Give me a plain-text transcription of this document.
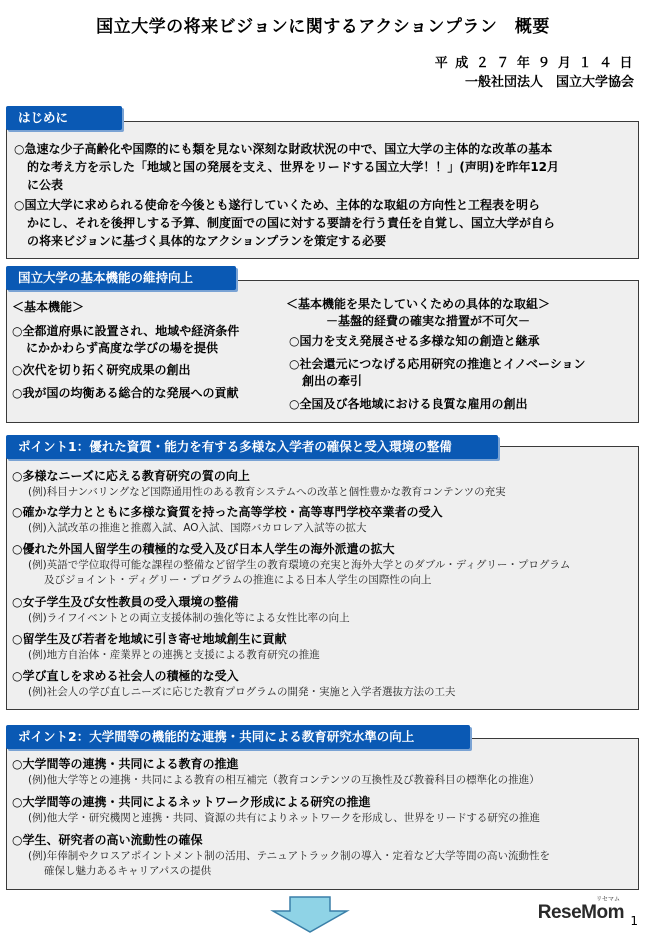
国立大学の将来ビジョンに関するアクションプラン　概要
平 成 ２ ７ 年 ９ 月 １ ４ 日
一般社団法人　国立大学協会
はじめに
○急速な少子高齢化や国際的にも類を見ない深刻な財政状況の中で、国立大学の主体的な改革の基本
的な考え方を示した「地域と国の発展を支え、世界をリードする国立大学！！」(声明)を昨年12月
に公表
○国立大学に求められる使命を今後とも遂行していくため、主体的な取組の方向性と工程表を明ら
かにし、それを後押しする予算、制度面での国に対する要請を行う責任を自覚し、国立大学が自ら
の将来ビジョンに基づく具体的なアクションプランを策定する必要
国立大学の基本機能の維持向上
＜基本機能＞
○全都道府県に設置され、地域や経済条件
にかかわらず高度な学びの場を提供
○次代を切り拓く研究成果の創出
○我が国の均衡ある総合的な発展への貢献
＜基本機能を果たしていくための具体的な取組＞
－基盤的経費の確実な措置が不可欠－
○国力を支え発展させる多様な知の創造と継承
○社会還元につなげる応用研究の推進とイノベーション
創出の牽引
○全国及び各地域における良質な雇用の創出
ポイント1：優れた資質・能力を有する多様な入学者の確保と受入環境の整備
○多様なニーズに応える教育研究の質の向上
(例)科目ナンバリングなど国際通用性のある教育システムへの改革と個性豊かな教育コンテンツの充実
○確かな学力とともに多様な資質を持った高等学校・高等専門学校卒業者の受入
(例)入試改革の推進と推薦入試、AO入試、国際バカロレア入試等の拡大
○優れた外国人留学生の積極的な受入及び日本人学生の海外派遣の拡大
(例)英語で学位取得可能な課程の整備など留学生の教育環境の充実と海外大学とのダブル・ディグリー・プログラム
及びジョイント・ディグリー・プログラムの推進による日本人学生の国際性の向上
○女子学生及び女性教員の受入環境の整備
(例)ライフイベントとの両立支援体制の強化等による女性比率の向上
○留学生及び若者を地域に引き寄せ地域創生に貢献
(例)地方自治体・産業界との連携と支援による教育研究の推進
○学び直しを求める社会人の積極的な受入
(例)社会人の学び直しニーズに応じた教育プログラムの開発・実施と入学者選抜方法の工夫
ポイント2：大学間等の機能的な連携・共同による教育研究水準の向上
○大学間等の連携・共同による教育の推進
(例)他大学等との連携・共同による教育の相互補完（教育コンテンツの互換性及び教養科目の標準化の推進）
○大学間等の連携・共同によるネットワーク形成による研究の推進
(例)他大学・研究機関と連携・共同、資源の共有によりネットワークを形成し、世界をリードする研究の推進
○学生、研究者の高い流動性の確保
(例)年俸制やクロスアポイントメント制の活用、テニュアトラック制の導入・定着など大学等間の高い流動性を
確保し魅力あるキャリアパスの提供
ReseMom
リセマム
1
